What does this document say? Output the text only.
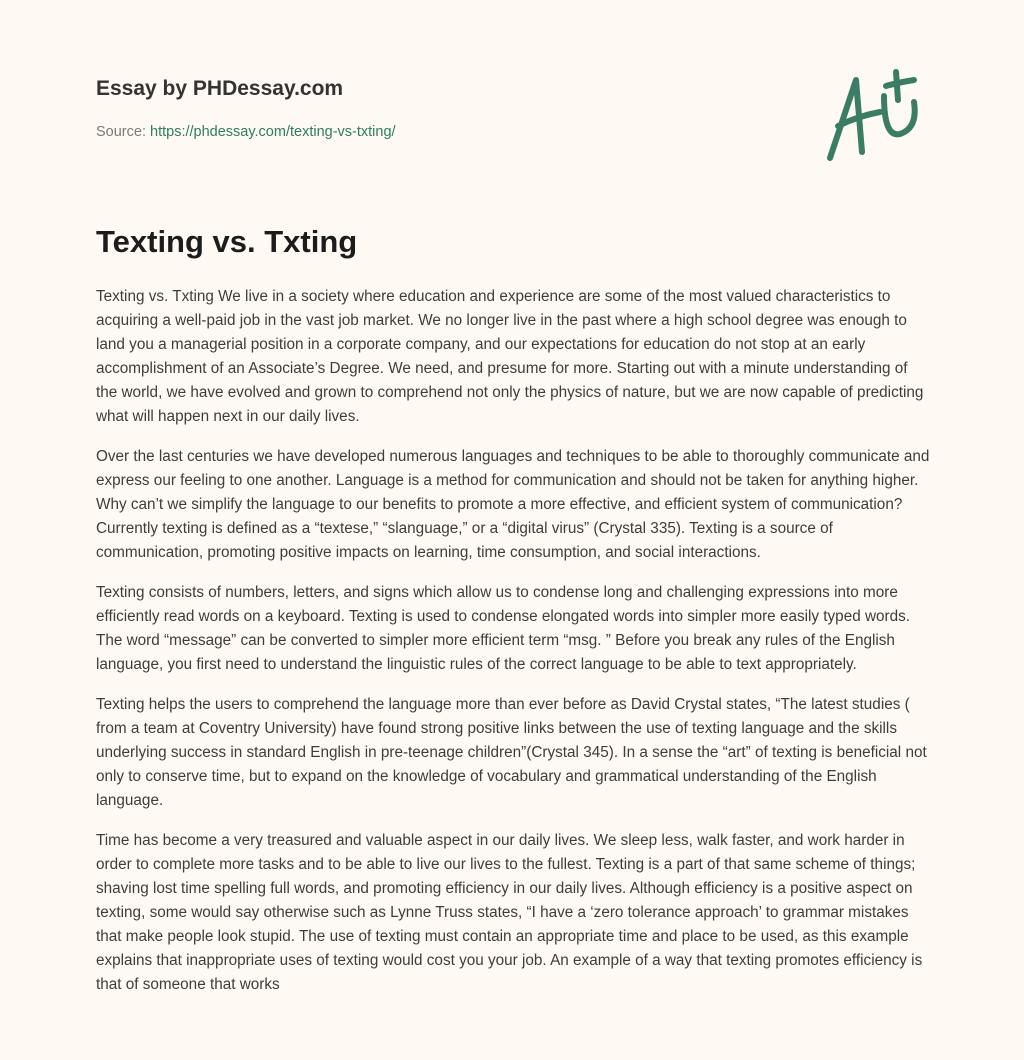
Essay by PHDessay.com
Source: https://phdessay.com/texting-vs-txting/
Texting vs. Txting

Texting vs. Txting We live in a society where education and experience are some of the most valued characteristics to acquiring a well-paid job in the vast job market. We no longer live in the past where a high school degree was enough to land you a managerial position in a corporate company, and our expectations for education do not stop at an early accomplishment of an Associate’s Degree. We need, and presume for more. Starting out with a minute understanding of the world, we have evolved and grown to comprehend not only the physics of nature, but we are now capable of predicting what will happen next in our daily lives.

Over the last centuries we have developed numerous languages and techniques to be able to thoroughly communicate and express our feeling to one another. Language is a method for communication and should not be taken for anything higher. Why can’t we simplify the language to our benefits to promote a more effective, and efficient system of communication? Currently texting is defined as a “textese,” “slanguage,” or a “digital virus” (Crystal 335). Texting is a source of communication, promoting positive impacts on learning, time consumption, and social interactions.

Texting consists of numbers, letters, and signs which allow us to condense long and challenging expressions into more efficiently read words on a keyboard. Texting is used to condense elongated words into simpler more easily typed words. The word “message” can be converted to simpler more efficient term “msg. ” Before you break any rules of the English language, you first need to understand the linguistic rules of the correct language to be able to text appropriately.

Texting helps the users to comprehend the language more than ever before as David Crystal states, “The latest studies ( from a team at Coventry University) have found strong positive links between the use of texting language and the skills underlying success in standard English in pre-teenage children”(Crystal 345). In a sense the “art” of texting is beneficial not only to conserve time, but to expand on the knowledge of vocabulary and grammatical understanding of the English language.

Time has become a very treasured and valuable aspect in our daily lives. We sleep less, walk faster, and work harder in order to complete more tasks and to be able to live our lives to the fullest. Texting is a part of that same scheme of things; shaving lost time spelling full words, and promoting efficiency in our daily lives. Although efficiency is a positive aspect on texting, some would say otherwise such as Lynne Truss states, “I have a ‘zero tolerance approach’ to grammar mistakes that make people look stupid. The use of texting must contain an appropriate time and place to be used, as this example explains that inappropriate uses of texting would cost you your job. An example of a way that texting promotes efficiency is that of someone that works
